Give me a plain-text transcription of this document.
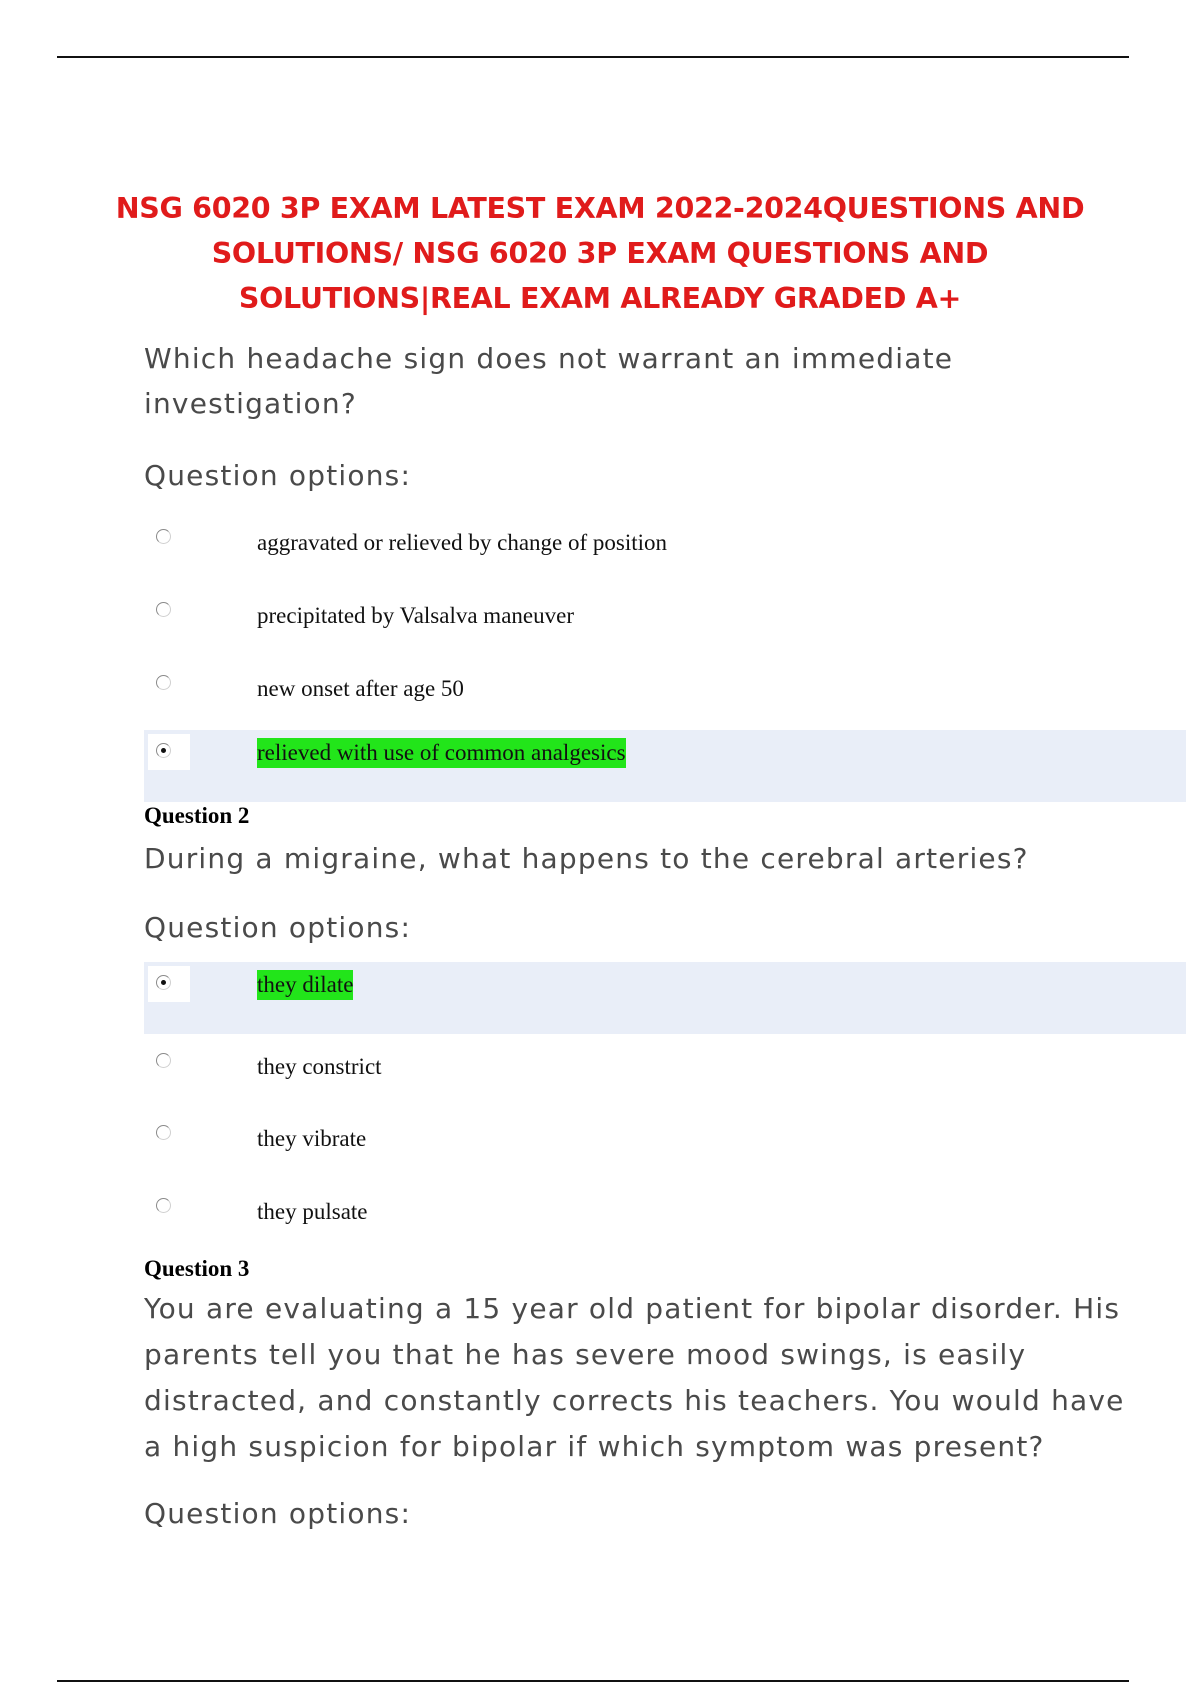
NSG 6020 3P EXAM LATEST EXAM 2022-2024QUESTIONS AND
SOLUTIONS/ NSG 6020 3P EXAM QUESTIONS AND
SOLUTIONS|REAL EXAM ALREADY GRADED A+
Which headache sign does not warrant an immediate
investigation?
Question options:
aggravated or relieved by change of position
precipitated by Valsalva maneuver
new onset after age 50
relieved with use of common analgesics
Question 2
During a migraine, what happens to the cerebral arteries?
Question options:
they dilate
they constrict
they vibrate
they pulsate
Question 3
You are evaluating a 15 year old patient for bipolar disorder. His
parents tell you that he has severe mood swings, is easily
distracted, and constantly corrects his teachers. You would have
a high suspicion for bipolar if which symptom was present?
Question options:
